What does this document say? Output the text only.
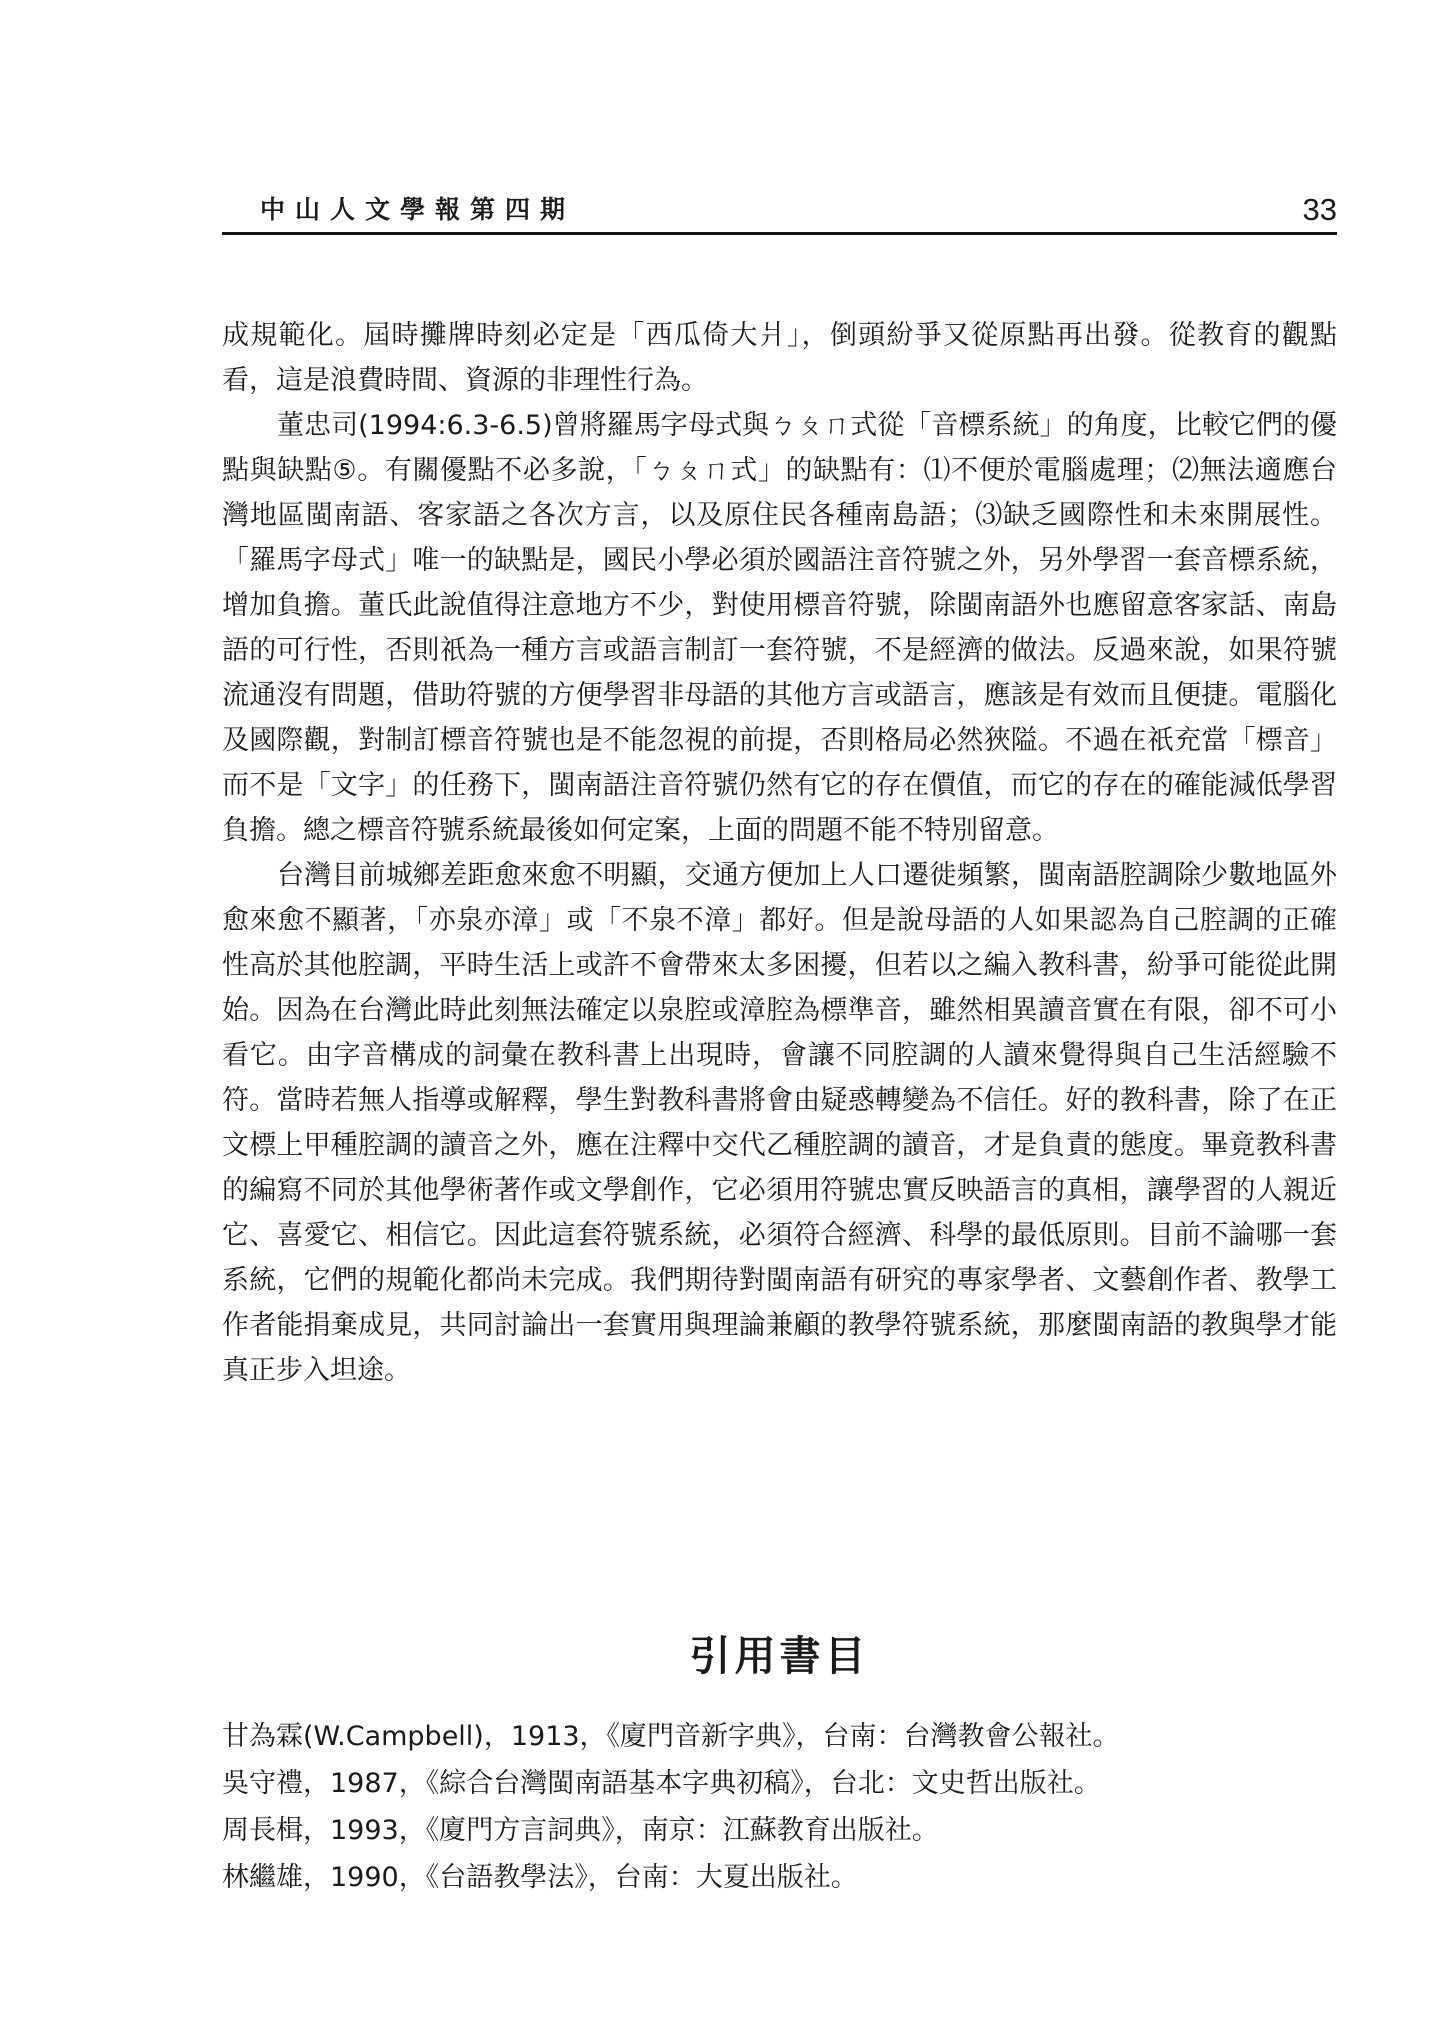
中山人文學報第四期	33

成規範化。屆時攤牌時刻必定是「西瓜倚大爿」，倒頭紛爭又從原點再出發。從教育的觀點看，這是浪費時間、資源的非理性行為。

董忠司(1994:6.3-6.5)曾將羅馬字母式與ㄅㄆㄇ式從「音標系統」的角度，比較它們的優點與缺點⑤。有關優點不必多說，「ㄅㄆㄇ式」的缺點有：⑴不便於電腦處理；⑵無法適應台灣地區閩南語、客家語之各次方言，以及原住民各種南島語；⑶缺乏國際性和未來開展性。「羅馬字母式」唯一的缺點是，國民小學必須於國語注音符號之外，另外學習一套音標系統，增加負擔。董氏此說值得注意地方不少，對使用標音符號，除閩南語外也應留意客家話、南島語的可行性，否則祇為一種方言或語言制訂一套符號，不是經濟的做法。反過來說，如果符號流通沒有問題，借助符號的方便學習非母語的其他方言或語言，應該是有效而且便捷。電腦化及國際觀，對制訂標音符號也是不能忽視的前提，否則格局必然狹隘。不過在祇充當「標音」而不是「文字」的任務下，閩南語注音符號仍然有它的存在價值，而它的存在的確能減低學習負擔。總之標音符號系統最後如何定案，上面的問題不能不特別留意。

台灣目前城鄉差距愈來愈不明顯，交通方便加上人口遷徙頻繁，閩南語腔調除少數地區外愈來愈不顯著，「亦泉亦漳」或「不泉不漳」都好。但是說母語的人如果認為自己腔調的正確性高於其他腔調，平時生活上或許不會帶來太多困擾，但若以之編入教科書，紛爭可能從此開始。因為在台灣此時此刻無法確定以泉腔或漳腔為標準音，雖然相異讀音實在有限，卻不可小看它。由字音構成的詞彙在教科書上出現時，會讓不同腔調的人讀來覺得與自己生活經驗不符。當時若無人指導或解釋，學生對教科書將會由疑惑轉變為不信任。好的教科書，除了在正文標上甲種腔調的讀音之外，應在注釋中交代乙種腔調的讀音，才是負責的態度。畢竟教科書的編寫不同於其他學術著作或文學創作，它必須用符號忠實反映語言的真相，讓學習的人親近它、喜愛它、相信它。因此這套符號系統，必須符合經濟、科學的最低原則。目前不論哪一套系統，它們的規範化都尚未完成。我們期待對閩南語有研究的專家學者、文藝創作者、教學工作者能捐棄成見，共同討論出一套實用與理論兼顧的教學符號系統，那麼閩南語的教與學才能真正步入坦途。

引用書目
甘為霖(W.Campbell)，1913，《廈門音新字典》，台南：台灣教會公報社。
吳守禮，1987，《綜合台灣閩南語基本字典初稿》，台北：文史哲出版社。
周長楫，1993，《廈門方言詞典》，南京：江蘇教育出版社。
林繼雄，1990，《台語教學法》，台南：大夏出版社。
